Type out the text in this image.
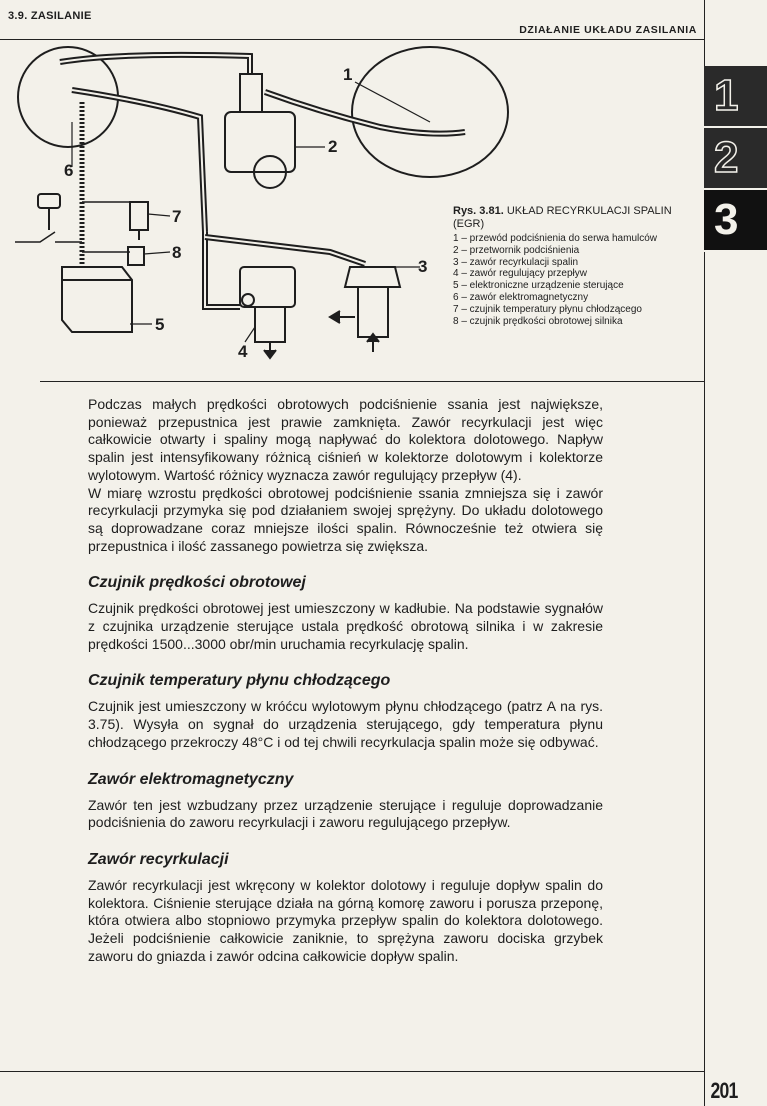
3.9. ZASILANIE
DZIAŁANIE UKŁADU ZASILANIA
1
2
3
1
2
3
4
5
6
7
8
Rys. 3.81. UKŁAD RECYRKULACJI SPALIN (EGR)
1 – przewód podciśnienia do serwa hamulców
2 – przetwornik podciśnienia
3 – zawór recyrkulacji spalin
4 – zawór regulujący przepływ
5 – elektroniczne urządzenie sterujące
6 – zawór elektromagnetyczny
7 – czujnik temperatury płynu chłodzącego
8 – czujnik prędkości obrotowej silnika

Podczas małych prędkości obrotowych podciśnienie ssania jest największe, ponieważ przepustnica jest prawie zamknięta. Zawór recyrkulacji jest więc całkowicie otwarty i spaliny mogą napływać do kolektora dolotowego. Napływ spalin jest intensyfikowany różnicą ciśnień w kolektorze dolotowym i kolektorze wylotowym. Wartość różnicy wyznacza zawór regulujący przepływ (4).

W miarę wzrostu prędkości obrotowej podciśnienie ssania zmniejsza się i zawór recyrkulacji przymyka się pod działaniem swojej sprężyny. Do układu dolotowego są doprowadzane coraz mniejsze ilości spalin. Równocześnie też otwiera się przepustnica i ilość zassanego powietrza się zwiększa.

Czujnik prędkości obrotowej

Czujnik prędkości obrotowej jest umieszczony w kadłubie. Na podstawie sygnałów z czujnika urządzenie sterujące ustala prędkość obrotową silnika i w zakresie prędkości 1500...3000 obr/min uruchamia recyrkulację spalin.

Czujnik temperatury płynu chłodzącego

Czujnik jest umieszczony w króćcu wylotowym płynu chłodzącego (patrz A na rys. 3.75). Wysyła on sygnał do urządzenia sterującego, gdy temperatura płynu chłodzącego przekroczy 48°C i od tej chwili recyrkulacja spalin może się odbywać.

Zawór elektromagnetyczny

Zawór ten jest wzbudzany przez urządzenie sterujące i reguluje doprowadzanie podciśnienia do zaworu recyrkulacji i zaworu regulującego przepływ.

Zawór recyrkulacji

Zawór recyrkulacji jest wkręcony w kolektor dolotowy i reguluje dopływ spalin do kolektora. Ciśnienie sterujące działa na górną komorę zaworu i porusza przeponę, która otwiera albo stopniowo przymyka przepływ spalin do kolektora dolotowego. Jeżeli podciśnienie całkowicie zaniknie, to sprężyna zaworu dociska grzybek zaworu do gniazda i zawór odcina całkowicie dopływ spalin.

201
